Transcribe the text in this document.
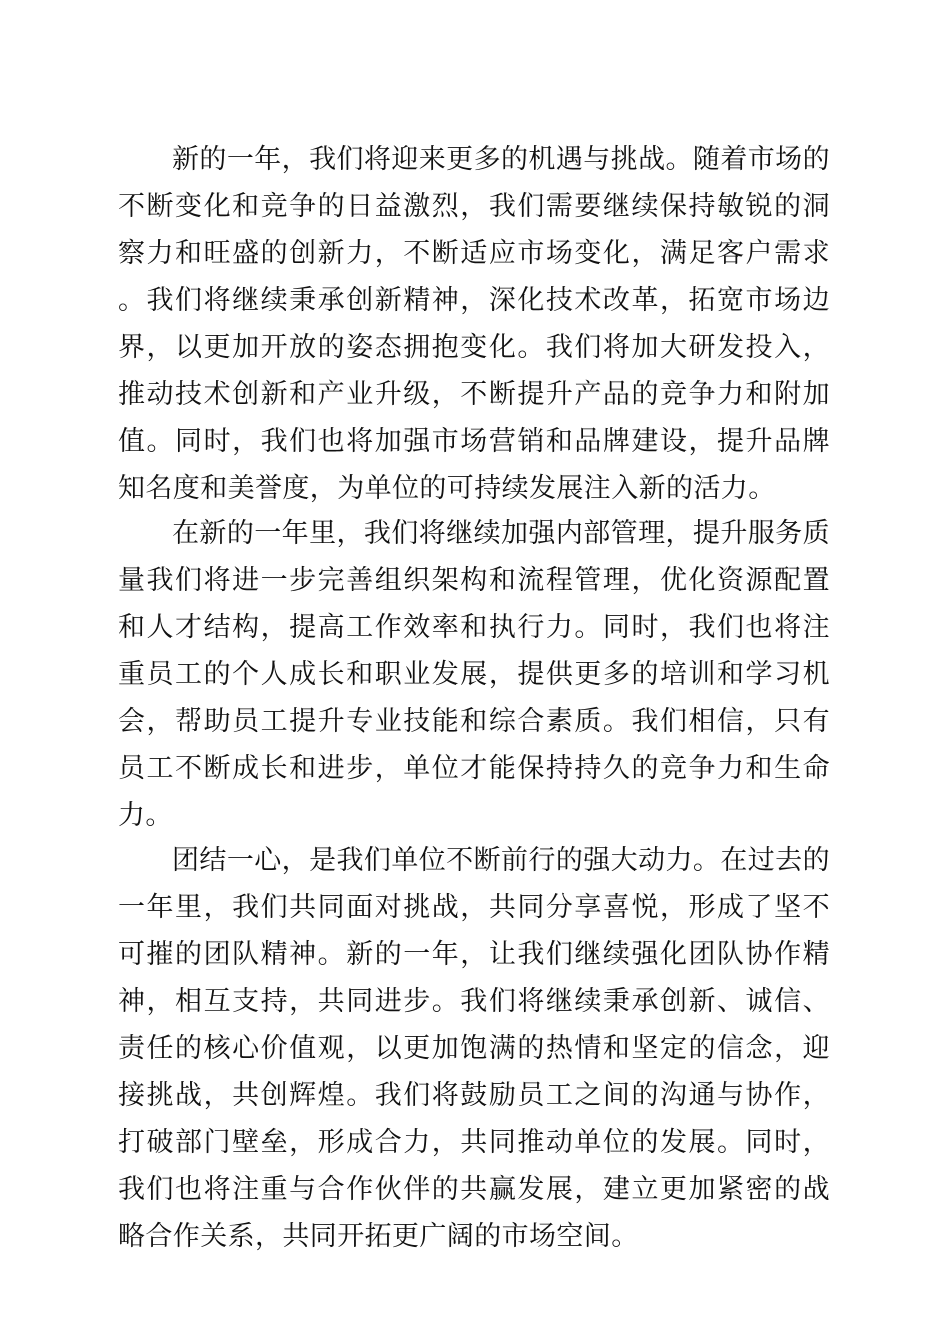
新的一年，我们将迎来更多的机遇与挑战。随着市场的不断变化和竞争的日益激烈，我们需要继续保持敏锐的洞察力和旺盛的创新力，不断适应市场变化，满足客户需求。我们将继续秉承创新精神，深化技术改革，拓宽市场边界，以更加开放的姿态拥抱变化。我们将加大研发投入，推动技术创新和产业升级，不断提升产品的竞争力和附加值。同时，我们也将加强市场营销和品牌建设，提升品牌知名度和美誉度，为单位的可持续发展注入新的活力。

在新的一年里，我们将继续加强内部管理，提升服务质量我们将进一步完善组织架构和流程管理，优化资源配置和人才结构，提高工作效率和执行力。同时，我们也将注重员工的个人成长和职业发展，提供更多的培训和学习机会，帮助员工提升专业技能和综合素质。我们相信，只有员工不断成长和进步，单位才能保持持久的竞争力和生命力。

团结一心，是我们单位不断前行的强大动力。在过去的一年里，我们共同面对挑战，共同分享喜悦，形成了坚不可摧的团队精神。新的一年，让我们继续强化团队协作精神，相互支持，共同进步。我们将继续秉承创新、诚信、责任的核心价值观，以更加饱满的热情和坚定的信念，迎接挑战，共创辉煌。我们将鼓励员工之间的沟通与协作，打破部门壁垒，形成合力，共同推动单位的发展。同时，我们也将注重与合作伙伴的共赢发展，建立更加紧密的战略合作关系，共同开拓更广阔的市场空间。
